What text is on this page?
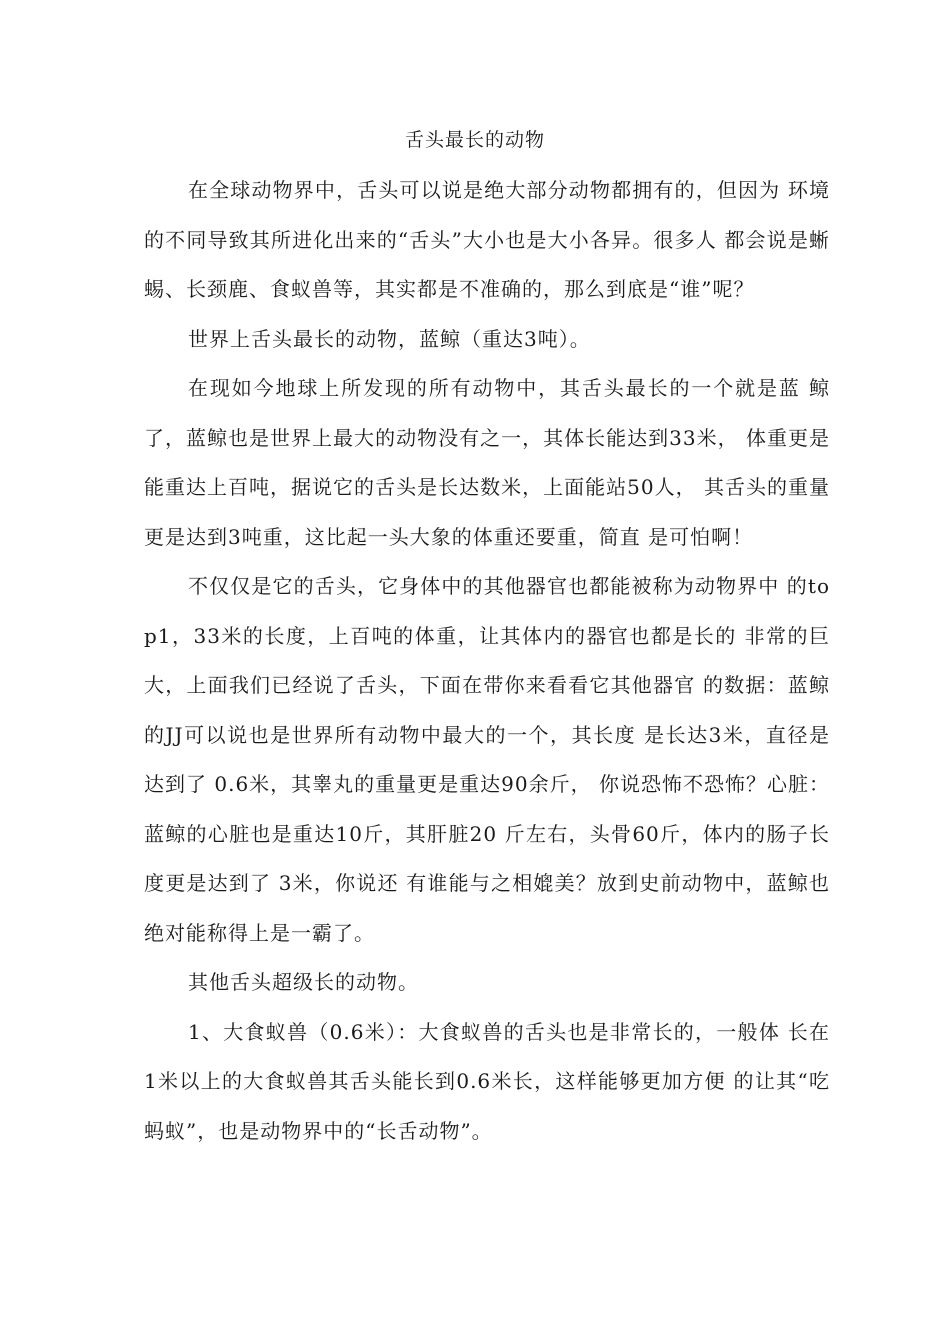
舌头最长的动物

在全球动物界中，舌头可以说是绝大部分动物都拥有的，但因为 环境的不同导致其所进化出来的“舌头”大小也是大小各异。很多人 都会说是蜥蜴、长颈鹿、食蚁兽等，其实都是不准确的，那么到底是“谁”呢？

世界上舌头最长的动物，蓝鲸（重达3吨）。

在现如今地球上所发现的所有动物中，其舌头最长的一个就是蓝 鲸了，蓝鲸也是世界上最大的动物没有之一，其体长能达到33米， 体重更是能重达上百吨，据说它的舌头是长达数米，上面能站50人， 其舌头的重量更是达到3吨重，这比起一头大象的体重还要重，简直 是可怕啊！

不仅仅是它的舌头，它身体中的其他器官也都能被称为动物界中 的top1，33米的长度，上百吨的体重，让其体内的器官也都是长的 非常的巨大，上面我们已经说了舌头，下面在带你来看看它其他器官 的数据：蓝鲸的JJ可以说也是世界所有动物中最大的一个，其长度 是长达3米，直径是达到了 0.6米，其睾丸的重量更是重达90余斤， 你说恐怖不恐怖？心脏：蓝鲸的心脏也是重达10斤，其肝脏20 斤左右，头骨60斤，体内的肠子长度更是达到了 3米，你说还 有谁能与之相媲美？放到史前动物中，蓝鲸也绝对能称得上是一霸了。

其他舌头超级长的动物。

1、大食蚁兽（0.6米）：大食蚁兽的舌头也是非常长的，一般体 长在1米以上的大食蚁兽其舌头能长到0.6米长，这样能够更加方便 的让其“吃蚂蚁”，也是动物界中的“长舌动物”。
